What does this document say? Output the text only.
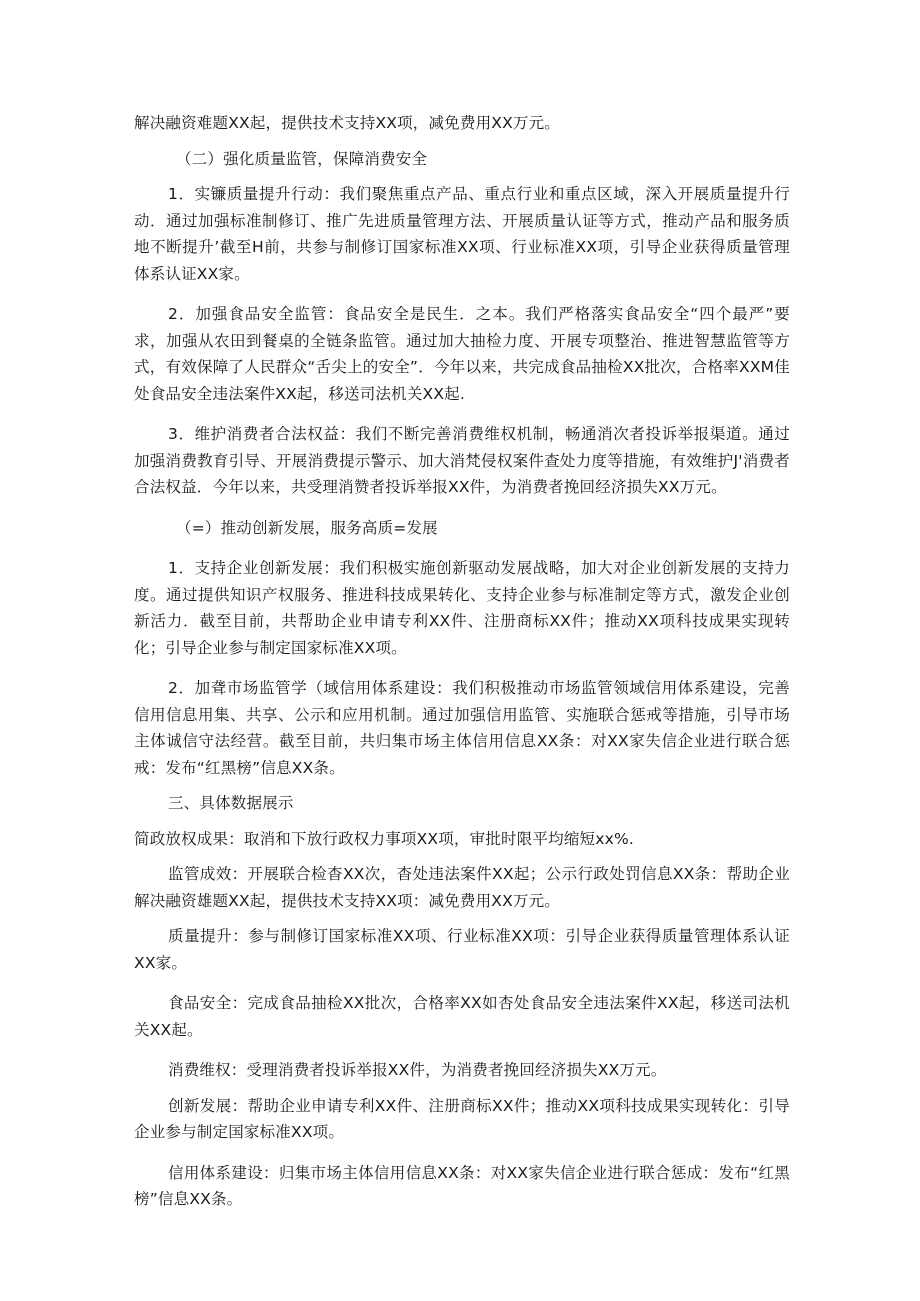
解决融资难题XX起，提供技术支持XX项，减免费用XX万元。

（二）强化质量监管，保障消费安全

1．实镰质量提升行动：我们聚焦重点产品、重点行业和重点区域，深入开展质量提升行动．通过加强标准制修订、推广先进质量管理方法、开展质量认证等方式，推动产品和服务质地不断提升’截至H前，共参与制修订国家标准XX项、行业标准XX项，引导企业获得质量管理体系认证XX家。

2．加强食品安全监管：食品安全是民生．之本。我们严格落实食品安全“四个最严”要求，加强从农田到餐桌的全链条监管。通过加大抽检力度、开展专项整治、推进智慧监管等方式，有效保障了人民群众“舌尖上的安全”．今年以来，共完成食品抽检XX批次，合格率XXM佳处食品安全违法案件XX起，移送司法机关XX起.

3．维护消费者合法权益：我们不断完善消费维权机制，畅通消次者投诉举报渠道。通过加强消费教育引导、开展消费提示警示、加大消梵侵权案件查处力度等措施，有效维护J'消费者合法权益．今年以来，共受理消赞者投诉举报XX件，为消费者挽回经济损失XX万元。

（=）推动创新发展，服务高质=发展

1．支持企业创新发展：我们积极实施创新驱动发展战略，加大对企业创新发展的支持力度。通过提供知识产权服务、推进科技成果转化、支持企业参与标准制定等方式，激发企业创新活力．截至目前，共帮助企业申请专利XX件、注册商标XX件；推动XX项科技成果实现转化；引导企业参与制定国家标准XX项。

2．加聋市场监管学（域信用体系建设：我们积极推动市场监管领域信用体系建设，完善信用信息用集、共享、公示和应用机制。通过加强信用监管、实施联合惩戒等措施，引导市场主体诚信守法经营。截至目前，共归集市场主体信用信息XX条：对XX家失信企业进行联合惩戒：发布“红黑榜”信息XX条。

三、具体数据展示

简政放权成果：取消和下放行政权力事项XX项，审批时限平均缩短xx%.

监管成效：开展联合检杳XX次，杳处违法案件XX起；公示行政处罚信息XX条：帮助企业解决融资雄题XX起，提供技术支持XX项：减免费用XX万元。

质量提升：参与制修订国家标准XX项、行业标准XX项：引导企业获得质量管理体系认证XX家。

食品安全：完成食品抽检XX批次，合格率XX如杏处食品安全违法案件XX起，移送司法机关XX起。

消费维权：受理消费者投诉举报XX件，为消费者挽回经济损失XX万元。

创新发展：帮助企业申请专利XX件、注册商标XX件；推动XX项科技成果实现转化：引导企业参与制定国家标准XX项。

信用体系建设：归集市场主体信用信息XX条：对XX家失信企业进行联合惩成：发布“红黑榜”信息XX条。
